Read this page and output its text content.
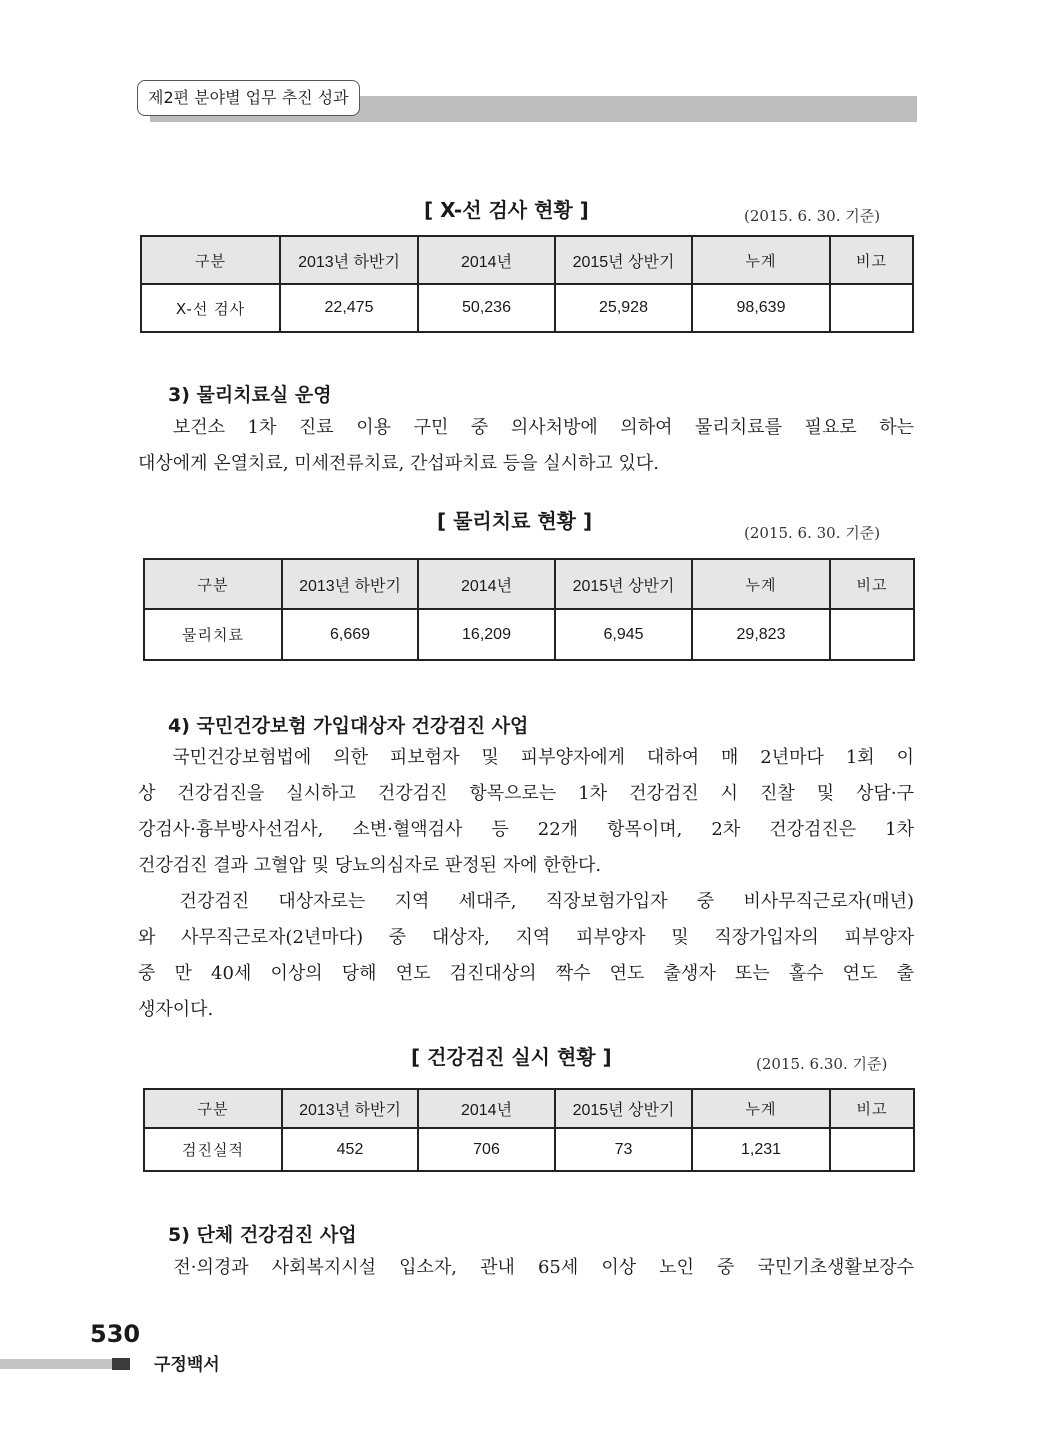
제2편 분야별 업무 추진 성과
[ X-선 검사 현황 ]	(2015. 6. 30. 기준)
구분	2013년 하반기	2014년	2015년 상반기	누계	비고
X-선 검사	22,475	50,236	25,928	98,639	
3) 물리치료실 운영
　보건소 1차 진료 이용 구민 중 의사처방에 의하여 물리치료를 필요로 하는
대상에게 온열치료, 미세전류치료, 간섭파치료 등을 실시하고 있다.
[ 물리치료 현황 ]	(2015. 6. 30. 기준)
구분	2013년 하반기	2014년	2015년 상반기	누계	비고
물리치료	6,669	16,209	6,945	29,823	
4) 국민건강보험 가입대상자 건강검진 사업
　국민건강보험법에 의한 피보험자 및 피부양자에게 대하여 매 2년마다 1회 이
상 건강검진을 실시하고 건강검진 항목으로는 1차 건강검진 시 진찰 및 상담·구
강검사·흉부방사선검사, 소변·혈액검사 등 22개 항목이며, 2차 건강검진은 1차
건강검진 결과 고혈압 및 당뇨의심자로 판정된 자에 한한다.
　건강검진 대상자로는 지역 세대주, 직장보험가입자 중 비사무직근로자(매년)
와 사무직근로자(2년마다) 중 대상자, 지역 피부양자 및 직장가입자의 피부양자
중 만 40세 이상의 당해 연도 검진대상의 짝수 연도 출생자 또는 홀수 연도 출
생자이다.
[ 건강검진 실시 현황 ]	(2015. 6.30. 기준)
구분	2013년 하반기	2014년	2015년 상반기	누계	비고
검진실적	452	706	73	1,231	
5) 단체 건강검진 사업
　전·의경과 사회복지시설 입소자, 관내 65세 이상 노인 중 국민기초생활보장수
530
구정백서
